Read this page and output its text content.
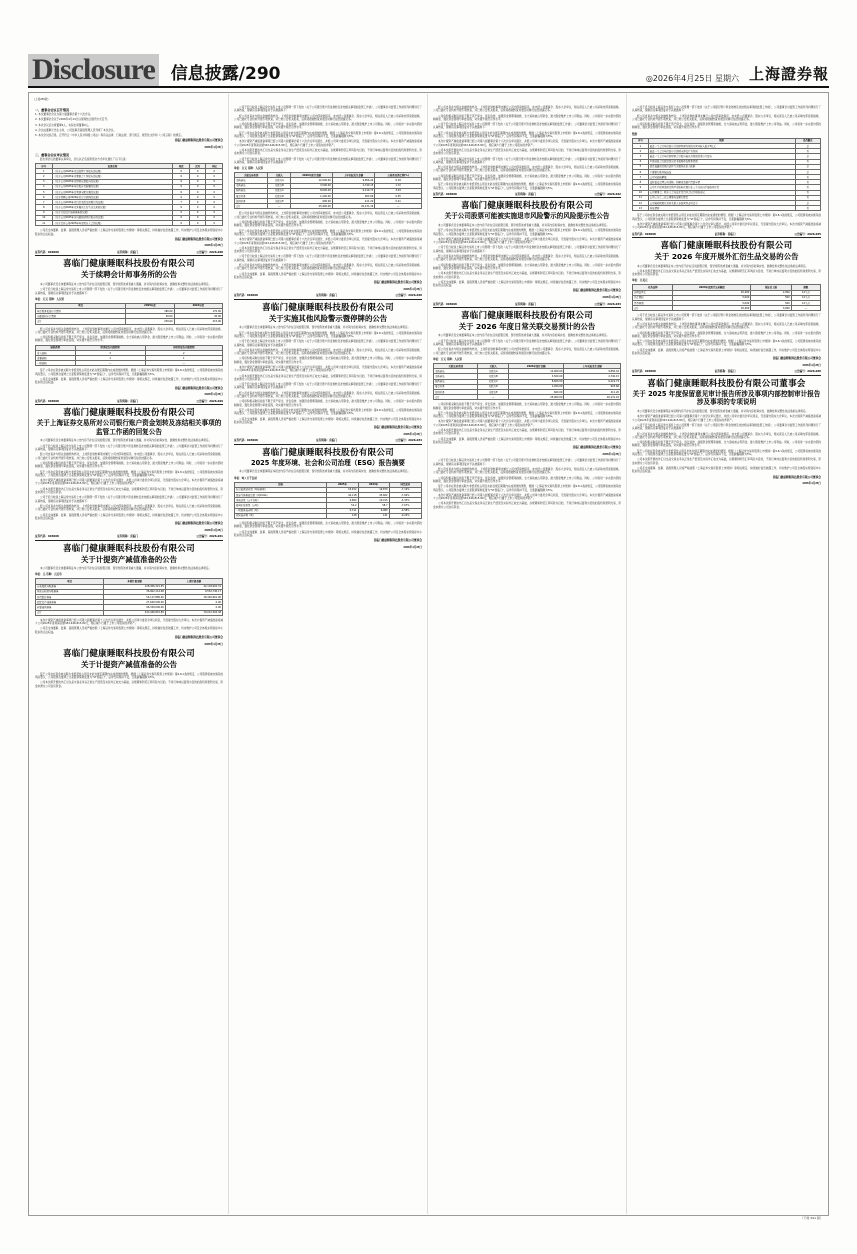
Disclosure 信息披露/290	◎2026年4月25日 星期六 上海證券報
(上接289版)
（下转 291 版）
一、董事会会议召开情况

1. 本次董事会会议为第六届董事会第十六次会议。

2. 本次董事会会议于2026年4月24日以现场结合通讯方式召开。

3. 本次会议应出席董事9人，实际出席董事9人。

4. 会议由董事长先生主持，公司监事及高级管理人员列席了本次会议。

5. 本次会议的召集、召开符合《中华人民共和国公司法》等有关法律、行政法规、部门规章、规范性文件和《公司章程》的规定。

喜临门健康睡眠科技股份有限公司董事会
2026年4月25日
二、董事会会议审议情况

经出席会议的董事认真审议，会议以记名投票表决方式审议通过了以下议案：

序号	议案名称	同意	反对	弃权
1	《关于公司2025年度总经理工作报告的议案》	9	0	0
2	《关于公司2025年度董事会工作报告的议案》	9	0	0
3	《关于公司2025年度财务决算报告的议案》	9	0	0
4	《关于公司2025年年度报告及摘要的议案》	9	0	0
5	《关于公司2025年度利润分配方案的议案》	9	0	0
6	《关于续聘公司2026年度审计机构的议案》	9	0	0
7	《关于公司2026年度日常关联交易预计的议案》	7	0	0
8	《关于公司2026年度开展外汇衍生品交易的议案》	9	0	0
9	《关于计提资产减值准备的议案》	9	0	0
10	《关于公司2025年度内部控制评价报告的议案》	9	0	0
11	《关于召开公司2025年年度股东大会的议案》	9	0	0

公司及全体董事、监事、高级管理人员将严格按照《上海证券交易所股票上市规则》等相关规定，持续做好信息披露工作，切实维护公司及全体股东特别是中小股东的合法权益。

喜临门健康睡眠科技股份有限公司董事会
2026年4月25日
证券代码：603008	证券简称：喜临门	公告编号：2026-028
喜临门健康睡眠科技股份有限公司
关于续聘会计师事务所的公告

本公司董事会及全体董事保证本公告内容不存在任何虚假记载、误导性陈述或者重大遗漏，并对其内容的真实性、准确性和完整性依法承担法律责任。

公司于近日收到上海证券交易所上市公司管理一部下发的《关于公司银行账户资金划转及冻结相关事项的监管工作函》，公司董事会对监管工作函所列问题进行了认真核查，现就有关事项回复并予以披露如下：

单位：万元 币种：人民币
项目	2025年度	2024年度
年度财务报表审计费用	180.00	170.00
内部控制审计费用	50.00	45.00
合计	230.00	215.00

经公司自查并与相关金融机构核对，上述资金划转事项未履行公司内部审批程序，亦未经公司董事会、股东大会审议，相关责任人已被公司采取内部追责措施。公司已委托专业机构开展专项核查，并已向公安机关报案，后续将根据核查进展及时履行信息披露义务。

公司将积极采取包括但不限于资产保全、诉讼追偿、加强资金管理等措施，全力追收被占用资金，最大限度维护上市公司利益。同时，公司将进一步完善内部控制制度，强化资金管理与审批流程，切实提升规范运作水平。

缺陷类型	财务报告内部控制	非财务报告内部控制
重大缺陷	3	2
重要缺陷	1	1
一般缺陷	—	—

鉴于公司存在资金被关联方非经营性占用且未能在规定期限内完成清偿的情形，根据《上海证券交易所股票上市规则》第9.8.1条的规定，公司股票将被实施其他风险警示，公司股票自复牌之日起股票简称变更为“ST喜临门”，证券代码保持不变，日涨跌幅限制为5%。

公司及全体董事、监事、高级管理人员将严格按照《上海证券交易所股票上市规则》等相关规定，持续做好信息披露工作，切实维护公司及全体股东特别是中小股东的合法权益。

喜临门健康睡眠科技股份有限公司董事会
2026年4月25日
证券代码：603008	证券简称：喜临门	公告编号：2026-029
喜临门健康睡眠科技股份有限公司
关于上海证券交易所对公司银行账户资金划转及冻结相关事项的监管工作函的回复公告

本公司董事会及全体董事保证本公告内容不存在任何虚假记载、误导性陈述或者重大遗漏，并对其内容的真实性、准确性和完整性依法承担法律责任。

公司于近日收到上海证券交易所上市公司管理一部下发的《关于公司银行账户资金划转及冻结相关事项的监管工作函》，公司董事会对监管工作函所列问题进行了认真核查，现就有关事项回复并予以披露如下：

经公司自查并与相关金融机构核对，上述资金划转事项未履行公司内部审批程序，亦未经公司董事会、股东大会审议，相关责任人已被公司采取内部追责措施。公司已委托专业机构开展专项核查，并已向公安机关报案，后续将根据核查进展及时履行信息披露义务。

公司将积极采取包括但不限于资产保全、诉讼追偿、加强资金管理等措施，全力追收被占用资金，最大限度维护上市公司利益。同时，公司将进一步完善内部控制制度，强化资金管理与审批流程，切实提升规范运作水平。

鉴于公司存在资金被关联方非经营性占用且未能在规定期限内完成清偿的情形，根据《上海证券交易所股票上市规则》第9.8.1条的规定，公司股票将被实施其他风险警示，公司股票自复牌之日起股票简称变更为“ST喜临门”，证券代码保持不变，日涨跌幅限制为5%。

本次计提资产减值准备事项已经公司第六届董事会第十六次会议审议通过，并经公司审计委员会审议同意，无需提交股东大会审议。本次计提资产减值准备将减少公司2025年度利润总额343,446,815.89元，相应减少归属于上市公司股东的净资产。

公司本次拟开展的外汇衍生品交易业务以正常生产经营及实际外汇收支为基础，以规避和防范汇率风险为目的，不进行单纯以盈利为目的的投机和套利交易，资金来源为公司自有资金。

公司于近日收到上海证券交易所上市公司管理一部下发的《关于公司银行账户资金划转及冻结相关事项的监管工作函》，公司董事会对监管工作函所列问题进行了认真核查，现就有关事项回复并予以披露如下：

经公司自查并与相关金融机构核对，上述资金划转事项未履行公司内部审批程序，亦未经公司董事会、股东大会审议，相关责任人已被公司采取内部追责措施。公司已委托专业机构开展专项核查，并已向公安机关报案，后续将根据核查进展及时履行信息披露义务。

公司及全体董事、监事、高级管理人员将严格按照《上海证券交易所股票上市规则》等相关规定，持续做好信息披露工作，切实维护公司及全体股东特别是中小股东的合法权益。

喜临门健康睡眠科技股份有限公司董事会
2026年4月25日
证券代码：603008	证券简称：喜临门	公告编号：2026-031
喜临门健康睡眠科技股份有限公司
关于计提资产减值准备的公告

本公司董事会及全体董事保证本公告内容不存在任何虚假记载、误导性陈述或者重大遗漏，并对其内容的真实性、准确性和完整性依法承担法律责任。

单位：元 币种：人民币
项目	本期计提金额	上期计提金额
应收账款坏账准备	128,456,321.55	42,118,902.31
其他应收款坏账准备	36,902,114.08	9,552,740.17
存货跌价准备	54,117,880.26	18,340,661.90
固定资产减值准备	27,640,500.00	0.00
商誉减值准备	96,330,000.00	0.00
合计	343,446,815.89	70,012,304.38

本次计提资产减值准备事项已经公司第六届董事会第十六次会议审议通过，并经公司审计委员会审议同意，无需提交股东大会审议。本次计提资产减值准备将减少公司2025年度利润总额343,446,815.89元，相应减少归属于上市公司股东的净资产。

公司及全体董事、监事、高级管理人员将严格按照《上海证券交易所股票上市规则》等相关规定，持续做好信息披露工作，切实维护公司及全体股东特别是中小股东的合法权益。

喜临门健康睡眠科技股份有限公司董事会
2026年4月25日
喜临门健康睡眠科技股份有限公司
关于计提资产减值准备的公告

鉴于公司存在资金被关联方非经营性占用且未能在规定期限内完成清偿的情形，根据《上海证券交易所股票上市规则》第9.8.1条的规定，公司股票将被实施其他风险警示，公司股票自复牌之日起股票简称变更为“ST喜临门”，证券代码保持不变，日涨跌幅限制为5%。

公司本次拟开展的外汇衍生品交易业务以正常生产经营及实际外汇收支为基础，以规避和防范汇率风险为目的，不进行单纯以盈利为目的的投机和套利交易，资金来源为公司自有资金。

公司于近日收到上海证券交易所上市公司管理一部下发的《关于公司银行账户资金划转及冻结相关事项的监管工作函》，公司董事会对监管工作函所列问题进行了认真核查，现就有关事项回复并予以披露如下：

经公司自查并与相关金融机构核对，上述资金划转事项未履行公司内部审批程序，亦未经公司董事会、股东大会审议，相关责任人已被公司采取内部追责措施。公司已委托专业机构开展专项核查，并已向公安机关报案，后续将根据核查进展及时履行信息披露义务。

公司将积极采取包括但不限于资产保全、诉讼追偿、加强资金管理等措施，全力追收被占用资金，最大限度维护上市公司利益。同时，公司将进一步完善内部控制制度，强化资金管理与审批流程，切实提升规范运作水平。

鉴于公司存在资金被关联方非经营性占用且未能在规定期限内完成清偿的情形，根据《上海证券交易所股票上市规则》第9.8.1条的规定，公司股票将被实施其他风险警示，公司股票自复牌之日起股票简称变更为“ST喜临门”，证券代码保持不变，日涨跌幅限制为5%。

本次计提资产减值准备事项已经公司第六届董事会第十六次会议审议通过，并经公司审计委员会审议同意，无需提交股东大会审议。本次计提资产减值准备将减少公司2025年度利润总额343,446,815.89元，相应减少归属于上市公司股东的净资产。

公司本次拟开展的外汇衍生品交易业务以正常生产经营及实际外汇收支为基础，以规避和防范汇率风险为目的，不进行单纯以盈利为目的的投机和套利交易，资金来源为公司自有资金。

公司于近日收到上海证券交易所上市公司管理一部下发的《关于公司银行账户资金划转及冻结相关事项的监管工作函》，公司董事会对监管工作函所列问题进行了认真核查，现就有关事项回复并予以披露如下：

单位：万元 币种：人民币
关联交易类别	关联人	2026年预计金额	上年实际发生金额	占同类业务比例(%)
采购商品	关联方A	12,000.00	9,856.42	6.18
采购商品	关联方B	3,500.00	2,740.15	1.72
销售商品	关联方C	8,600.00	6,219.73	3.04
接受劳务	关联方D	1,200.00	903.66	0.55
提供劳务	关联方E	600.00	411.20	0.21
合计	—	25,900.00	20,131.16	—

经公司自查并与相关金融机构核对，上述资金划转事项未履行公司内部审批程序，亦未经公司董事会、股东大会审议，相关责任人已被公司采取内部追责措施。公司已委托专业机构开展专项核查，并已向公安机关报案，后续将根据核查进展及时履行信息披露义务。

公司将积极采取包括但不限于资产保全、诉讼追偿、加强资金管理等措施，全力追收被占用资金，最大限度维护上市公司利益。同时，公司将进一步完善内部控制制度，强化资金管理与审批流程，切实提升规范运作水平。

鉴于公司存在资金被关联方非经营性占用且未能在规定期限内完成清偿的情形，根据《上海证券交易所股票上市规则》第9.8.1条的规定，公司股票将被实施其他风险警示，公司股票自复牌之日起股票简称变更为“ST喜临门”，证券代码保持不变，日涨跌幅限制为5%。

本次计提资产减值准备事项已经公司第六届董事会第十六次会议审议通过，并经公司审计委员会审议同意，无需提交股东大会审议。本次计提资产减值准备将减少公司2025年度利润总额343,446,815.89元，相应减少归属于上市公司股东的净资产。

公司本次拟开展的外汇衍生品交易业务以正常生产经营及实际外汇收支为基础，以规避和防范汇率风险为目的，不进行单纯以盈利为目的的投机和套利交易，资金来源为公司自有资金。

公司于近日收到上海证券交易所上市公司管理一部下发的《关于公司银行账户资金划转及冻结相关事项的监管工作函》，公司董事会对监管工作函所列问题进行了认真核查，现就有关事项回复并予以披露如下：

经公司自查并与相关金融机构核对，上述资金划转事项未履行公司内部审批程序，亦未经公司董事会、股东大会审议，相关责任人已被公司采取内部追责措施。公司已委托专业机构开展专项核查，并已向公安机关报案，后续将根据核查进展及时履行信息披露义务。

公司及全体董事、监事、高级管理人员将严格按照《上海证券交易所股票上市规则》等相关规定，持续做好信息披露工作，切实维护公司及全体股东特别是中小股东的合法权益。

喜临门健康睡眠科技股份有限公司董事会
2026年4月25日
证券代码：603008	证券简称：喜临门	公告编号：2026-030
喜临门健康睡眠科技股份有限公司
关于实施其他风险警示暨停牌的公告

本公司董事会及全体董事保证本公告内容不存在任何虚假记载、误导性陈述或者重大遗漏，并对其内容的真实性、准确性和完整性依法承担法律责任。

鉴于公司存在资金被关联方非经营性占用且未能在规定期限内完成清偿的情形，根据《上海证券交易所股票上市规则》第9.8.1条的规定，公司股票将被实施其他风险警示，公司股票自复牌之日起股票简称变更为“ST喜临门”，证券代码保持不变，日涨跌幅限制为5%。

公司于近日收到上海证券交易所上市公司管理一部下发的《关于公司银行账户资金划转及冻结相关事项的监管工作函》，公司董事会对监管工作函所列问题进行了认真核查，现就有关事项回复并予以披露如下：

经公司自查并与相关金融机构核对，上述资金划转事项未履行公司内部审批程序，亦未经公司董事会、股东大会审议，相关责任人已被公司采取内部追责措施。公司已委托专业机构开展专项核查，并已向公安机关报案，后续将根据核查进展及时履行信息披露义务。

公司将积极采取包括但不限于资产保全、诉讼追偿、加强资金管理等措施，全力追收被占用资金，最大限度维护上市公司利益。同时，公司将进一步完善内部控制制度，强化资金管理与审批流程，切实提升规范运作水平。

本次计提资产减值准备事项已经公司第六届董事会第十六次会议审议通过，并经公司审计委员会审议同意，无需提交股东大会审议。本次计提资产减值准备将减少公司2025年度利润总额343,446,815.89元，相应减少归属于上市公司股东的净资产。

公司本次拟开展的外汇衍生品交易业务以正常生产经营及实际外汇收支为基础，以规避和防范汇率风险为目的，不进行单纯以盈利为目的的投机和套利交易，资金来源为公司自有资金。

公司于近日收到上海证券交易所上市公司管理一部下发的《关于公司银行账户资金划转及冻结相关事项的监管工作函》，公司董事会对监管工作函所列问题进行了认真核查，现就有关事项回复并予以披露如下：

经公司自查并与相关金融机构核对，上述资金划转事项未履行公司内部审批程序，亦未经公司董事会、股东大会审议，相关责任人已被公司采取内部追责措施。公司已委托专业机构开展专项核查，并已向公安机关报案，后续将根据核查进展及时履行信息披露义务。

公司将积极采取包括但不限于资产保全、诉讼追偿、加强资金管理等措施，全力追收被占用资金，最大限度维护上市公司利益。同时，公司将进一步完善内部控制制度，强化资金管理与审批流程，切实提升规范运作水平。

鉴于公司存在资金被关联方非经营性占用且未能在规定期限内完成清偿的情形，根据《上海证券交易所股票上市规则》第9.8.1条的规定，公司股票将被实施其他风险警示，公司股票自复牌之日起股票简称变更为“ST喜临门”，证券代码保持不变，日涨跌幅限制为5%。

公司及全体董事、监事、高级管理人员将严格按照《上海证券交易所股票上市规则》等相关规定，持续做好信息披露工作，切实维护公司及全体股东特别是中小股东的合法权益。

喜临门健康睡眠科技股份有限公司董事会
2026年4月25日
证券代码：603008	证券简称：喜临门	公告编号：2026-034
喜临门健康睡眠科技股份有限公司
2025 年度环境、社会和公司治理（ESG）报告摘要

本公司董事会及全体董事保证本报告内容不存在任何虚假记载、误导性陈述或者重大遗漏，并对其内容的真实性、准确性和完整性依法承担法律责任。

单位：吨 / 万千瓦时
指标	2025年	2024年	同比变动
综合能源消耗量（吨标准煤）	18,452	19,870	-7.14%
温室气体排放总量（吨CO2e）	42,118	45,602	-7.64%
用电总量（万千瓦时）	9,860	10,415	-5.33%
新鲜水取用量（万吨）	54.2	58.7	-7.67%
一般固体废弃物（吨）	6,311	6,980	-9.58%
危险废弃物（吨）	128	141	-9.22%

公司将积极采取包括但不限于资产保全、诉讼追偿、加强资金管理等措施，全力追收被占用资金，最大限度维护上市公司利益。同时，公司将进一步完善内部控制制度，强化资金管理与审批流程，切实提升规范运作水平。

公司及全体董事、监事、高级管理人员将严格按照《上海证券交易所股票上市规则》等相关规定，持续做好信息披露工作，切实维护公司及全体股东特别是中小股东的合法权益。

喜临门健康睡眠科技股份有限公司董事会
2026年4月25日

经公司自查并与相关金融机构核对，上述资金划转事项未履行公司内部审批程序，亦未经公司董事会、股东大会审议，相关责任人已被公司采取内部追责措施。公司已委托专业机构开展专项核查，并已向公安机关报案，后续将根据核查进展及时履行信息披露义务。

公司将积极采取包括但不限于资产保全、诉讼追偿、加强资金管理等措施，全力追收被占用资金，最大限度维护上市公司利益。同时，公司将进一步完善内部控制制度，强化资金管理与审批流程，切实提升规范运作水平。

公司于近日收到上海证券交易所上市公司管理一部下发的《关于公司银行账户资金划转及冻结相关事项的监管工作函》，公司董事会对监管工作函所列问题进行了认真核查，现就有关事项回复并予以披露如下：

鉴于公司存在资金被关联方非经营性占用且未能在规定期限内完成清偿的情形，根据《上海证券交易所股票上市规则》第9.8.1条的规定，公司股票将被实施其他风险警示，公司股票自复牌之日起股票简称变更为“ST喜临门”，证券代码保持不变，日涨跌幅限制为5%。

本次计提资产减值准备事项已经公司第六届董事会第十六次会议审议通过，并经公司审计委员会审议同意，无需提交股东大会审议。本次计提资产减值准备将减少公司2025年度利润总额343,446,815.89元，相应减少归属于上市公司股东的净资产。

公司本次拟开展的外汇衍生品交易业务以正常生产经营及实际外汇收支为基础，以规避和防范汇率风险为目的，不进行单纯以盈利为目的的投机和套利交易，资金来源为公司自有资金。

公司于近日收到上海证券交易所上市公司管理一部下发的《关于公司银行账户资金划转及冻结相关事项的监管工作函》，公司董事会对监管工作函所列问题进行了认真核查，现就有关事项回复并予以披露如下：

经公司自查并与相关金融机构核对，上述资金划转事项未履行公司内部审批程序，亦未经公司董事会、股东大会审议，相关责任人已被公司采取内部追责措施。公司已委托专业机构开展专项核查，并已向公安机关报案，后续将根据核查进展及时履行信息披露义务。

公司将积极采取包括但不限于资产保全、诉讼追偿、加强资金管理等措施，全力追收被占用资金，最大限度维护上市公司利益。同时，公司将进一步完善内部控制制度，强化资金管理与审批流程，切实提升规范运作水平。

鉴于公司存在资金被关联方非经营性占用且未能在规定期限内完成清偿的情形，根据《上海证券交易所股票上市规则》第9.8.1条的规定，公司股票将被实施其他风险警示，公司股票自复牌之日起股票简称变更为“ST喜临门”，证券代码保持不变，日涨跌幅限制为5%。

证券代码：603008	证券简称：喜临门	公告编号：2026-032
喜临门健康睡眠科技股份有限公司
关于公司股票可能被实施退市风险警示的风险提示性公告

本公司董事会及全体董事保证本公告内容不存在任何虚假记载、误导性陈述或者重大遗漏，并对其内容的真实性、准确性和完整性依法承担法律责任。

鉴于公司存在资金被关联方非经营性占用且未能在规定期限内完成清偿的情形，根据《上海证券交易所股票上市规则》第9.8.1条的规定，公司股票将被实施其他风险警示，公司股票自复牌之日起股票简称变更为“ST喜临门”，证券代码保持不变，日涨跌幅限制为5%。

本次计提资产减值准备事项已经公司第六届董事会第十六次会议审议通过，并经公司审计委员会审议同意，无需提交股东大会审议。本次计提资产减值准备将减少公司2025年度利润总额343,446,815.89元，相应减少归属于上市公司股东的净资产。

公司于近日收到上海证券交易所上市公司管理一部下发的《关于公司银行账户资金划转及冻结相关事项的监管工作函》，公司董事会对监管工作函所列问题进行了认真核查，现就有关事项回复并予以披露如下：

经公司自查并与相关金融机构核对，上述资金划转事项未履行公司内部审批程序，亦未经公司董事会、股东大会审议，相关责任人已被公司采取内部追责措施。公司已委托专业机构开展专项核查，并已向公安机关报案，后续将根据核查进展及时履行信息披露义务。

公司将积极采取包括但不限于资产保全、诉讼追偿、加强资金管理等措施，全力追收被占用资金，最大限度维护上市公司利益。同时，公司将进一步完善内部控制制度，强化资金管理与审批流程，切实提升规范运作水平。

公司本次拟开展的外汇衍生品交易业务以正常生产经营及实际外汇收支为基础，以规避和防范汇率风险为目的，不进行单纯以盈利为目的的投机和套利交易，资金来源为公司自有资金。

公司及全体董事、监事、高级管理人员将严格按照《上海证券交易所股票上市规则》等相关规定，持续做好信息披露工作，切实维护公司及全体股东特别是中小股东的合法权益。

喜临门健康睡眠科技股份有限公司董事会
2026年4月25日
证券代码：603008	证券简称：喜临门	公告编号：2026-033
喜临门健康睡眠科技股份有限公司
关于 2026 年度日常关联交易预计的公告

本公司董事会及全体董事保证本公告内容不存在任何虚假记载、误导性陈述或者重大遗漏，并对其内容的真实性、准确性和完整性依法承担法律责任。

公司于近日收到上海证券交易所上市公司管理一部下发的《关于公司银行账户资金划转及冻结相关事项的监管工作函》，公司董事会对监管工作函所列问题进行了认真核查，现就有关事项回复并予以披露如下：

经公司自查并与相关金融机构核对，上述资金划转事项未履行公司内部审批程序，亦未经公司董事会、股东大会审议，相关责任人已被公司采取内部追责措施。公司已委托专业机构开展专项核查，并已向公安机关报案，后续将根据核查进展及时履行信息披露义务。

单位：万元 币种：人民币
关联交易类别	关联人	2026年预计金额	上年实际发生金额
采购商品	关联方A	12,000.00	9,856.42
采购商品	关联方B	3,500.00	2,740.15
销售商品	关联方C	8,600.00	6,219.73
接受劳务	关联方D	1,200.00	903.66
提供劳务	关联方E	600.00	411.20
合计	—	25,900.00	20,131.16

公司将积极采取包括但不限于资产保全、诉讼追偿、加强资金管理等措施，全力追收被占用资金，最大限度维护上市公司利益。同时，公司将进一步完善内部控制制度，强化资金管理与审批流程，切实提升规范运作水平。

鉴于公司存在资金被关联方非经营性占用且未能在规定期限内完成清偿的情形，根据《上海证券交易所股票上市规则》第9.8.1条的规定，公司股票将被实施其他风险警示，公司股票自复牌之日起股票简称变更为“ST喜临门”，证券代码保持不变，日涨跌幅限制为5%。

本次计提资产减值准备事项已经公司第六届董事会第十六次会议审议通过，并经公司审计委员会审议同意，无需提交股东大会审议。本次计提资产减值准备将减少公司2025年度利润总额343,446,815.89元，相应减少归属于上市公司股东的净资产。

公司本次拟开展的外汇衍生品交易业务以正常生产经营及实际外汇收支为基础，以规避和防范汇率风险为目的，不进行单纯以盈利为目的的投机和套利交易，资金来源为公司自有资金。

公司及全体董事、监事、高级管理人员将严格按照《上海证券交易所股票上市规则》等相关规定，持续做好信息披露工作，切实维护公司及全体股东特别是中小股东的合法权益。

喜临门健康睡眠科技股份有限公司董事会
2026年4月25日

公司于近日收到上海证券交易所上市公司管理一部下发的《关于公司银行账户资金划转及冻结相关事项的监管工作函》，公司董事会对监管工作函所列问题进行了认真核查，现就有关事项回复并予以披露如下：

经公司自查并与相关金融机构核对，上述资金划转事项未履行公司内部审批程序，亦未经公司董事会、股东大会审议，相关责任人已被公司采取内部追责措施。公司已委托专业机构开展专项核查，并已向公安机关报案，后续将根据核查进展及时履行信息披露义务。

公司将积极采取包括但不限于资产保全、诉讼追偿、加强资金管理等措施，全力追收被占用资金，最大限度维护上市公司利益。同时，公司将进一步完善内部控制制度，强化资金管理与审批流程，切实提升规范运作水平。

鉴于公司存在资金被关联方非经营性占用且未能在规定期限内完成清偿的情形，根据《上海证券交易所股票上市规则》第9.8.1条的规定，公司股票将被实施其他风险警示，公司股票自复牌之日起股票简称变更为“ST喜临门”，证券代码保持不变，日涨跌幅限制为5%。

本次计提资产减值准备事项已经公司第六届董事会第十六次会议审议通过，并经公司审计委员会审议同意，无需提交股东大会审议。本次计提资产减值准备将减少公司2025年度利润总额343,446,815.89元，相应减少归属于上市公司股东的净资产。

公司本次拟开展的外汇衍生品交易业务以正常生产经营及实际外汇收支为基础，以规避和防范汇率风险为目的，不进行单纯以盈利为目的的投机和套利交易，资金来源为公司自有资金。

公司于近日收到上海证券交易所上市公司管理一部下发的《关于公司银行账户资金划转及冻结相关事项的监管工作函》，公司董事会对监管工作函所列问题进行了认真核查，现就有关事项回复并予以披露如下：

经公司自查并与相关金融机构核对，上述资金划转事项未履行公司内部审批程序，亦未经公司董事会、股东大会审议，相关责任人已被公司采取内部追责措施。公司已委托专业机构开展专项核查，并已向公安机关报案，后续将根据核查进展及时履行信息披露义务。

公司将积极采取包括但不限于资产保全、诉讼追偿、加强资金管理等措施，全力追收被占用资金，最大限度维护上市公司利益。同时，公司将进一步完善内部控制制度，强化资金管理与审批流程，切实提升规范运作水平。

情形
序号	情形	是否触及
1	最近一个会计年度经审计的净利润为负值且营业收入低于3亿元	是
2	最近一个会计年度经审计的期末净资产为负值	否
3	最近一个会计年度的财务会计报告被出具保留意见审计报告	是
4	中国证监会行政处罚决定书表明存在财务造假	否
5	信息披露或者规范运作等方面存在重大缺陷	是
6	主要银行账号被冻结	是
7	公司可能被解散	否
8	法院依法受理公司重整、和解或者破产清算申请	否
9	公司生产经营活动受到严重影响且预计在三个月以内不能恢复正常	否
10	公司董事会、股东大会无法正常召开会议并形成决议	否
11	公司三分之二以上董事无法履行职责	否
12	公司被控股股东及其关联人非经营性占用资金	是
13	其他情形	否

鉴于公司存在资金被关联方非经营性占用且未能在规定期限内完成清偿的情形，根据《上海证券交易所股票上市规则》第9.8.1条的规定，公司股票将被实施其他风险警示，公司股票自复牌之日起股票简称变更为“ST喜临门”，证券代码保持不变，日涨跌幅限制为5%。

本次计提资产减值准备事项已经公司第六届董事会第十六次会议审议通过，并经公司审计委员会审议同意，无需提交股东大会审议。本次计提资产减值准备将减少公司2025年度利润总额343,446,815.89元，相应减少归属于上市公司股东的净资产。

证券代码：603008	证券简称：喜临门	公告编号：2026-035
喜临门健康睡眠科技股份有限公司
关于 2026 年度开展外汇衍生品交易的公告

本公司董事会及全体董事保证本公告内容不存在任何虚假记载、误导性陈述或者重大遗漏，并对其内容的真实性、准确性和完整性依法承担法律责任。

公司本次拟开展的外汇衍生品交易业务以正常生产经营及实际外汇收支为基础，以规避和防范汇率风险为目的，不进行单纯以盈利为目的的投机和套利交易，资金来源为公司自有资金。

单位：万美元
业务品种	2026年度预计交易额度	保证金上限	期限
远期结售汇	20,000	2,000	12个月
外汇期权	5,000	500	12个月
货币掉期	5,000	500	12个月
合计	30,000	3,000	—

公司于近日收到上海证券交易所上市公司管理一部下发的《关于公司银行账户资金划转及冻结相关事项的监管工作函》，公司董事会对监管工作函所列问题进行了认真核查，现就有关事项回复并予以披露如下：

经公司自查并与相关金融机构核对，上述资金划转事项未履行公司内部审批程序，亦未经公司董事会、股东大会审议，相关责任人已被公司采取内部追责措施。公司已委托专业机构开展专项核查，并已向公安机关报案，后续将根据核查进展及时履行信息披露义务。

公司将积极采取包括但不限于资产保全、诉讼追偿、加强资金管理等措施，全力追收被占用资金，最大限度维护上市公司利益。同时，公司将进一步完善内部控制制度，强化资金管理与审批流程，切实提升规范运作水平。

鉴于公司存在资金被关联方非经营性占用且未能在规定期限内完成清偿的情形，根据《上海证券交易所股票上市规则》第9.8.1条的规定，公司股票将被实施其他风险警示，公司股票自复牌之日起股票简称变更为“ST喜临门”，证券代码保持不变，日涨跌幅限制为5%。

公司及全体董事、监事、高级管理人员将严格按照《上海证券交易所股票上市规则》等相关规定，持续做好信息披露工作，切实维护公司及全体股东特别是中小股东的合法权益。

喜临门健康睡眠科技股份有限公司董事会
2026年4月25日
证券代码：603008	证券简称：喜临门	公告编号：2026-036
喜临门健康睡眠科技股份有限公司董事会
关于 2025 年度保留意见审计报告所涉及事项内部控制审计报告涉及事项的专项说明

本公司董事会及全体董事保证本说明内容不存在任何虚假记载、误导性陈述或者重大遗漏，并对其内容的真实性、准确性和完整性依法承担法律责任。

本次计提资产减值准备事项已经公司第六届董事会第十六次会议审议通过，并经公司审计委员会审议同意，无需提交股东大会审议。本次计提资产减值准备将减少公司2025年度利润总额343,446,815.89元，相应减少归属于上市公司股东的净资产。

公司于近日收到上海证券交易所上市公司管理一部下发的《关于公司银行账户资金划转及冻结相关事项的监管工作函》，公司董事会对监管工作函所列问题进行了认真核查，现就有关事项回复并予以披露如下：

经公司自查并与相关金融机构核对，上述资金划转事项未履行公司内部审批程序，亦未经公司董事会、股东大会审议，相关责任人已被公司采取内部追责措施。公司已委托专业机构开展专项核查，并已向公安机关报案，后续将根据核查进展及时履行信息披露义务。

公司将积极采取包括但不限于资产保全、诉讼追偿、加强资金管理等措施，全力追收被占用资金，最大限度维护上市公司利益。同时，公司将进一步完善内部控制制度，强化资金管理与审批流程，切实提升规范运作水平。

鉴于公司存在资金被关联方非经营性占用且未能在规定期限内完成清偿的情形，根据《上海证券交易所股票上市规则》第9.8.1条的规定，公司股票将被实施其他风险警示，公司股票自复牌之日起股票简称变更为“ST喜临门”，证券代码保持不变，日涨跌幅限制为5%。

公司本次拟开展的外汇衍生品交易业务以正常生产经营及实际外汇收支为基础，以规避和防范汇率风险为目的，不进行单纯以盈利为目的的投机和套利交易，资金来源为公司自有资金。

公司及全体董事、监事、高级管理人员将严格按照《上海证券交易所股票上市规则》等相关规定，持续做好信息披露工作，切实维护公司及全体股东特别是中小股东的合法权益。

喜临门健康睡眠科技股份有限公司董事会
2026年4月25日
